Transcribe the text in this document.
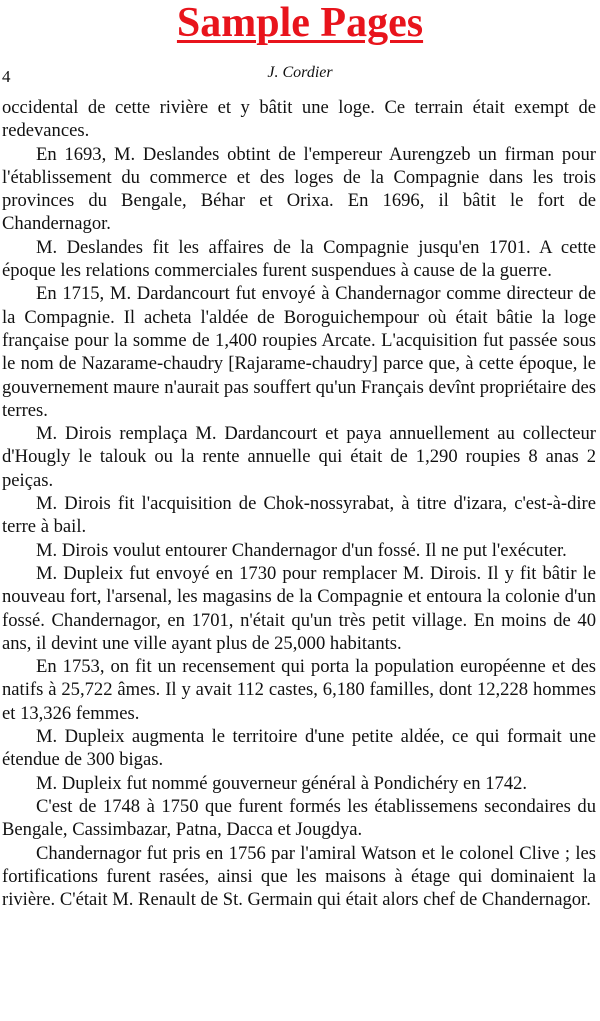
Sample Pages
4	J. Cordier

occidental de cette rivière et y bâtit une loge. Ce terrain était exempt de redevances.

En 1693, M. Deslandes obtint de l'empereur Aurengzeb un firman pour l'établissement du commerce et des loges de la Compagnie dans les trois provinces du Bengale, Béhar et Orixa. En 1696, il bâtit le fort de Chandernagor.

M. Deslandes fit les affaires de la Compagnie jusqu'en 1701. A cette époque les relations commerciales furent suspendues à cause de la guerre.

En 1715, M. Dardancourt fut envoyé à Chandernagor comme directeur de la Compagnie. Il acheta l'aldée de Boroguichempour où était bâtie la loge française pour la somme de 1,400 roupies Arcate. L'acquisition fut passée sous le nom de Nazarame-chaudry [Rajarame-chaudry] parce que, à cette époque, le gouvernement maure n'aurait pas souffert qu'un Français devînt propriétaire des terres.

M. Dirois remplaça M. Dardancourt et paya annuellement au collecteur d'Hougly le talouk ou la rente annuelle qui était de 1,290 roupies 8 anas 2 peiças.

M. Dirois fit l'acquisition de Chok-nossyrabat, à titre d'izara, c'est-à-dire terre à bail.

M. Dirois voulut entourer Chandernagor d'un fossé. Il ne put l'exécuter.

M. Dupleix fut envoyé en 1730 pour remplacer M. Dirois. Il y fit bâtir le nouveau fort, l'arsenal, les magasins de la Compagnie et entoura la colonie d'un fossé. Chandernagor, en 1701, n'était qu'un très petit village. En moins de 40 ans, il devint une ville ayant plus de 25,000 habitants.

En 1753, on fit un recensement qui porta la population européenne et des natifs à 25,722 âmes. Il y avait 112 castes, 6,180 familles, dont 12,228 hommes et 13,326 femmes.

M. Dupleix augmenta le territoire d'une petite aldée, ce qui formait une étendue de 300 bigas.

M. Dupleix fut nommé gouverneur général à Pondichéry en 1742.

C'est de 1748 à 1750 que furent formés les établissemens secondaires du Bengale, Cassimbazar, Patna, Dacca et Jougdya.

Chandernagor fut pris en 1756 par l'amiral Watson et le colonel Clive ; les fortifications furent rasées, ainsi que les maisons à étage qui dominaient la rivière. C'était M. Renault de St. Germain qui était alors chef de Chandernagor.
